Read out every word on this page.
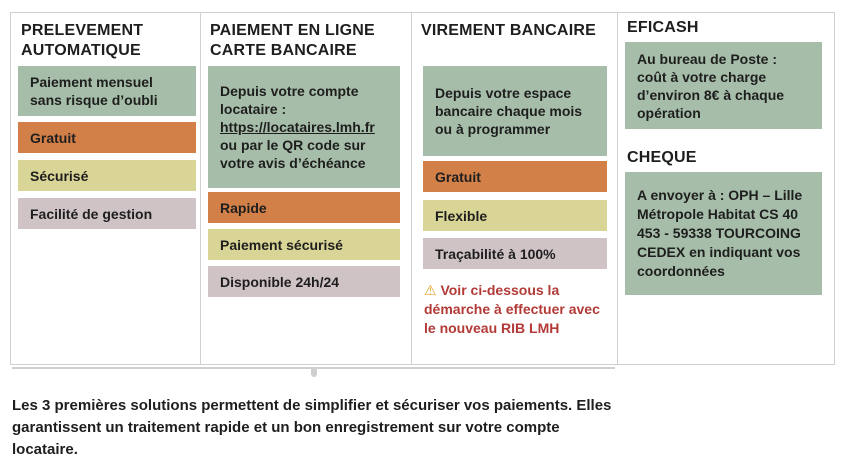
PRELEVEMENT AUTOMATIQUE
Paiement mensuel sans risque d’oubli
Gratuit
Sécurisé
Facilité de gestion
PAIEMENT EN LIGNE CARTE BANCAIRE
Depuis votre compte locataire :
https://locataires.lmh.fr
ou par le QR code sur votre avis d’échéance
Rapide
Paiement sécurisé
Disponible 24h/24
VIREMENT BANCAIRE
Depuis votre espace bancaire chaque mois ou à programmer
Gratuit
Flexible
Traçabilité à 100%
⚠ Voir ci-dessous la démarche à effectuer avec le nouveau RIB LMH
EFICASH
Au bureau de Poste : coût à votre charge d’environ 8€ à chaque opération
CHEQUE
A envoyer à : OPH – Lille Métropole Habitat CS 40 453 - 59338 TOURCOING CEDEX en indiquant vos coordonnées
Les 3 premières solutions permettent de simplifier et sécuriser vos paiements. Elles garantissent un traitement rapide et un bon enregistrement sur votre compte locataire.
